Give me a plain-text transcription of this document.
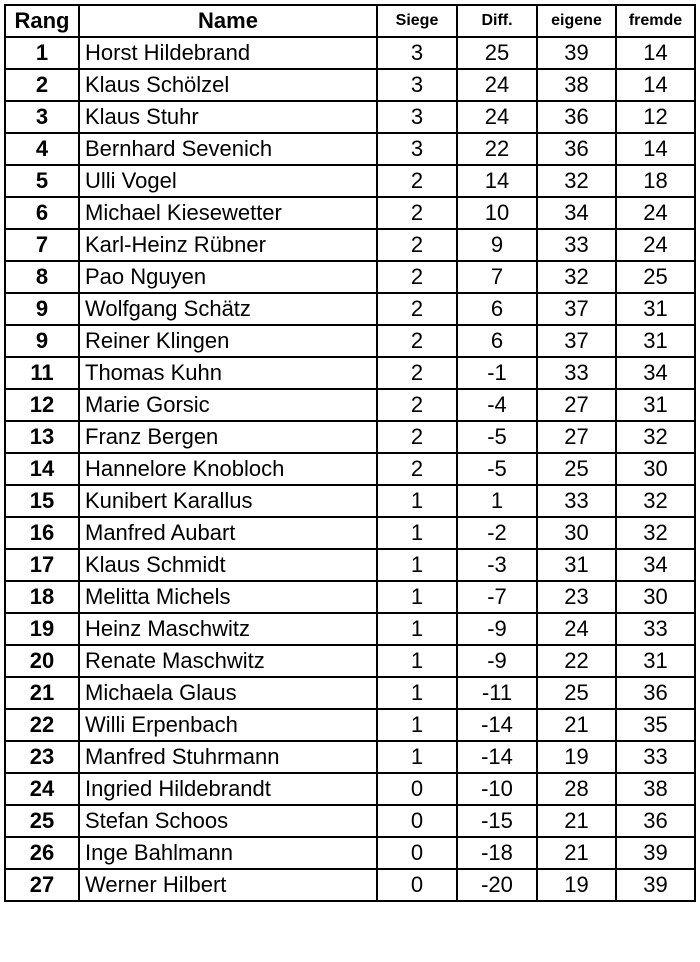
Rang	Name	Siege	Diff.	eigene	fremde
1	Horst Hildebrand	3	25	39	14
2	Klaus Schölzel	3	24	38	14
3	Klaus Stuhr	3	24	36	12
4	Bernhard Sevenich	3	22	36	14
5	Ulli Vogel	2	14	32	18
6	Michael Kiesewetter	2	10	34	24
7	Karl-Heinz Rübner	2	9	33	24
8	Pao Nguyen	2	7	32	25
9	Wolfgang Schätz	2	6	37	31
9	Reiner Klingen	2	6	37	31
11	Thomas Kuhn	2	-1	33	34
12	Marie Gorsic	2	-4	27	31
13	Franz Bergen	2	-5	27	32
14	Hannelore Knobloch	2	-5	25	30
15	Kunibert Karallus	1	1	33	32
16	Manfred Aubart	1	-2	30	32
17	Klaus Schmidt	1	-3	31	34
18	Melitta Michels	1	-7	23	30
19	Heinz Maschwitz	1	-9	24	33
20	Renate Maschwitz	1	-9	22	31
21	Michaela Glaus	1	-11	25	36
22	Willi Erpenbach	1	-14	21	35
23	Manfred Stuhrmann	1	-14	19	33
24	Ingried Hildebrandt	0	-10	28	38
25	Stefan Schoos	0	-15	21	36
26	Inge Bahlmann	0	-18	21	39
27	Werner Hilbert	0	-20	19	39
